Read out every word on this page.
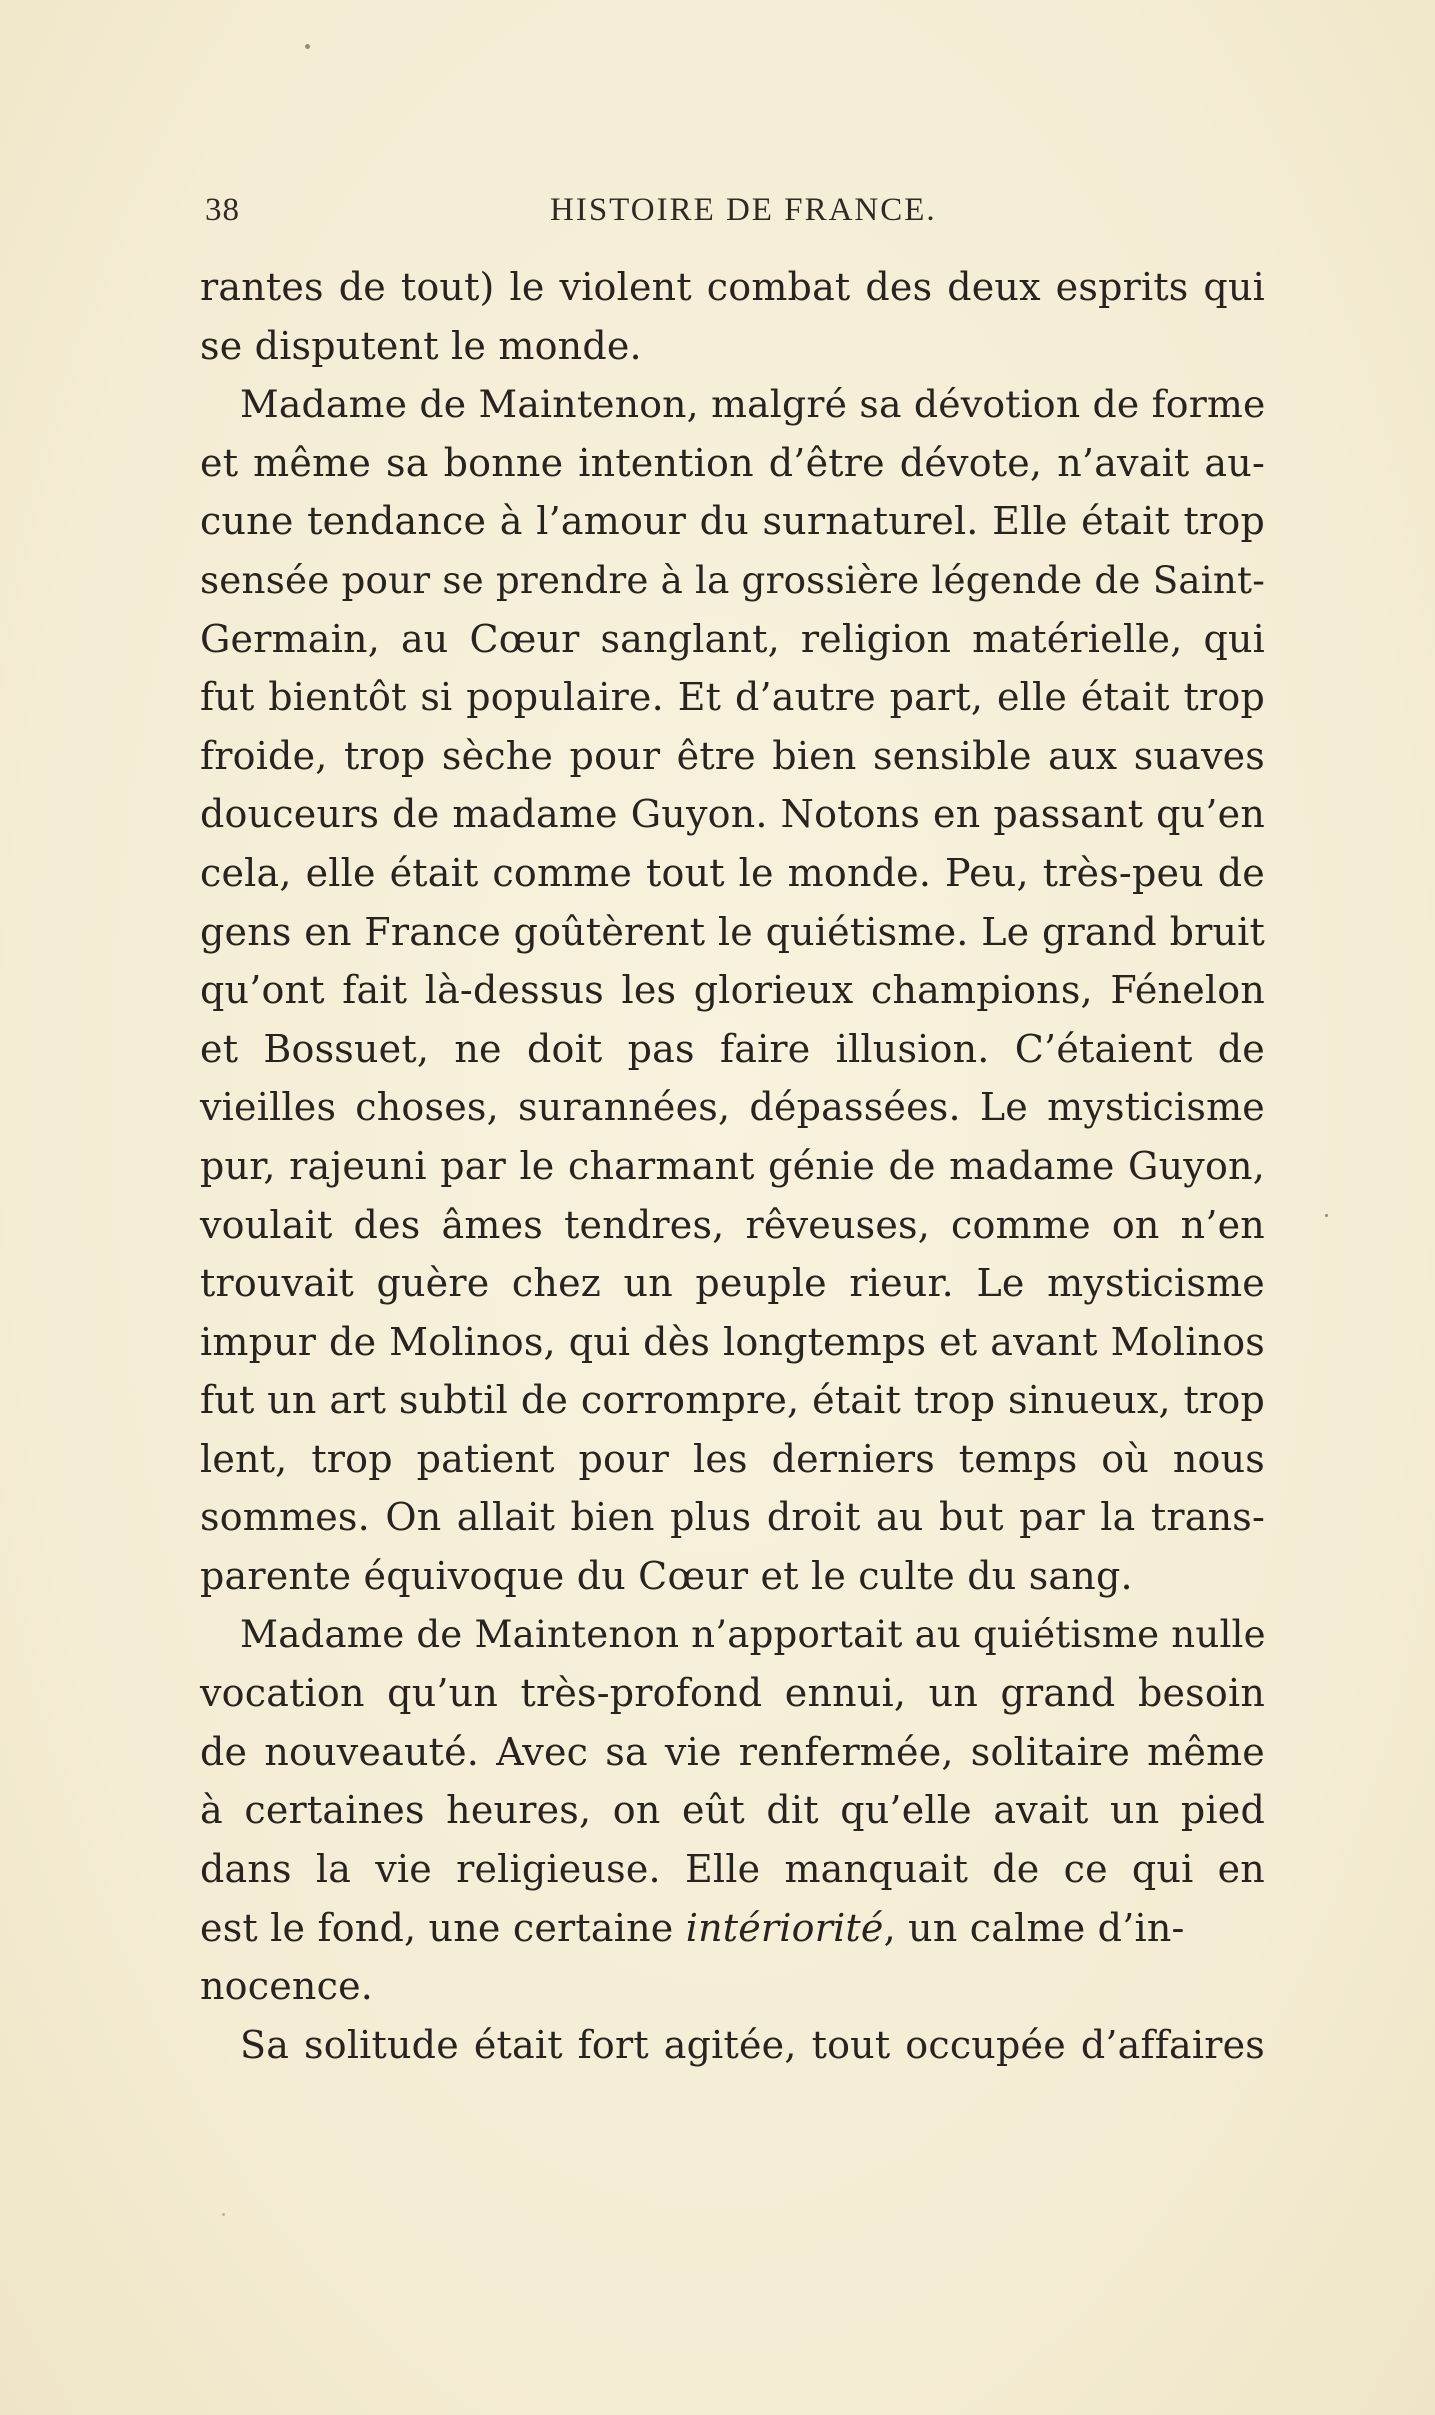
38	HISTOIRE DE FRANCE.
rantes de tout) le violent combat des deux esprits qui
se disputent le monde.
Madame de Maintenon, malgré sa dévotion de forme
et même sa bonne intention d’être dévote, n’avait au-
cune tendance à l’amour du surnaturel. Elle était trop
sensée pour se prendre à la grossière légende de Saint-
Germain, au Cœur sanglant, religion matérielle, qui
fut bientôt si populaire. Et d’autre part, elle était trop
froide, trop sèche pour être bien sensible aux suaves
douceurs de madame Guyon. Notons en passant qu’en
cela, elle était comme tout le monde. Peu, très-peu de
gens en France goûtèrent le quiétisme. Le grand bruit
qu’ont fait là-dessus les glorieux champions, Fénelon
et Bossuet, ne doit pas faire illusion. C’étaient de
vieilles choses, surannées, dépassées. Le mysticisme
pur, rajeuni par le charmant génie de madame Guyon,
voulait des âmes tendres, rêveuses, comme on n’en
trouvait guère chez un peuple rieur. Le mysticisme
impur de Molinos, qui dès longtemps et avant Molinos
fut un art subtil de corrompre, était trop sinueux, trop
lent, trop patient pour les derniers temps où nous
sommes. On allait bien plus droit au but par la trans-
parente équivoque du Cœur et le culte du sang.
Madame de Maintenon n’apportait au quiétisme nulle
vocation qu’un très-profond ennui, un grand besoin
de nouveauté. Avec sa vie renfermée, solitaire même
à certaines heures, on eût dit qu’elle avait un pied
dans la vie religieuse. Elle manquait de ce qui en
est le fond, une certaine intériorité, un calme d’in-
nocence.
Sa solitude était fort agitée, tout occupée d’affaires
